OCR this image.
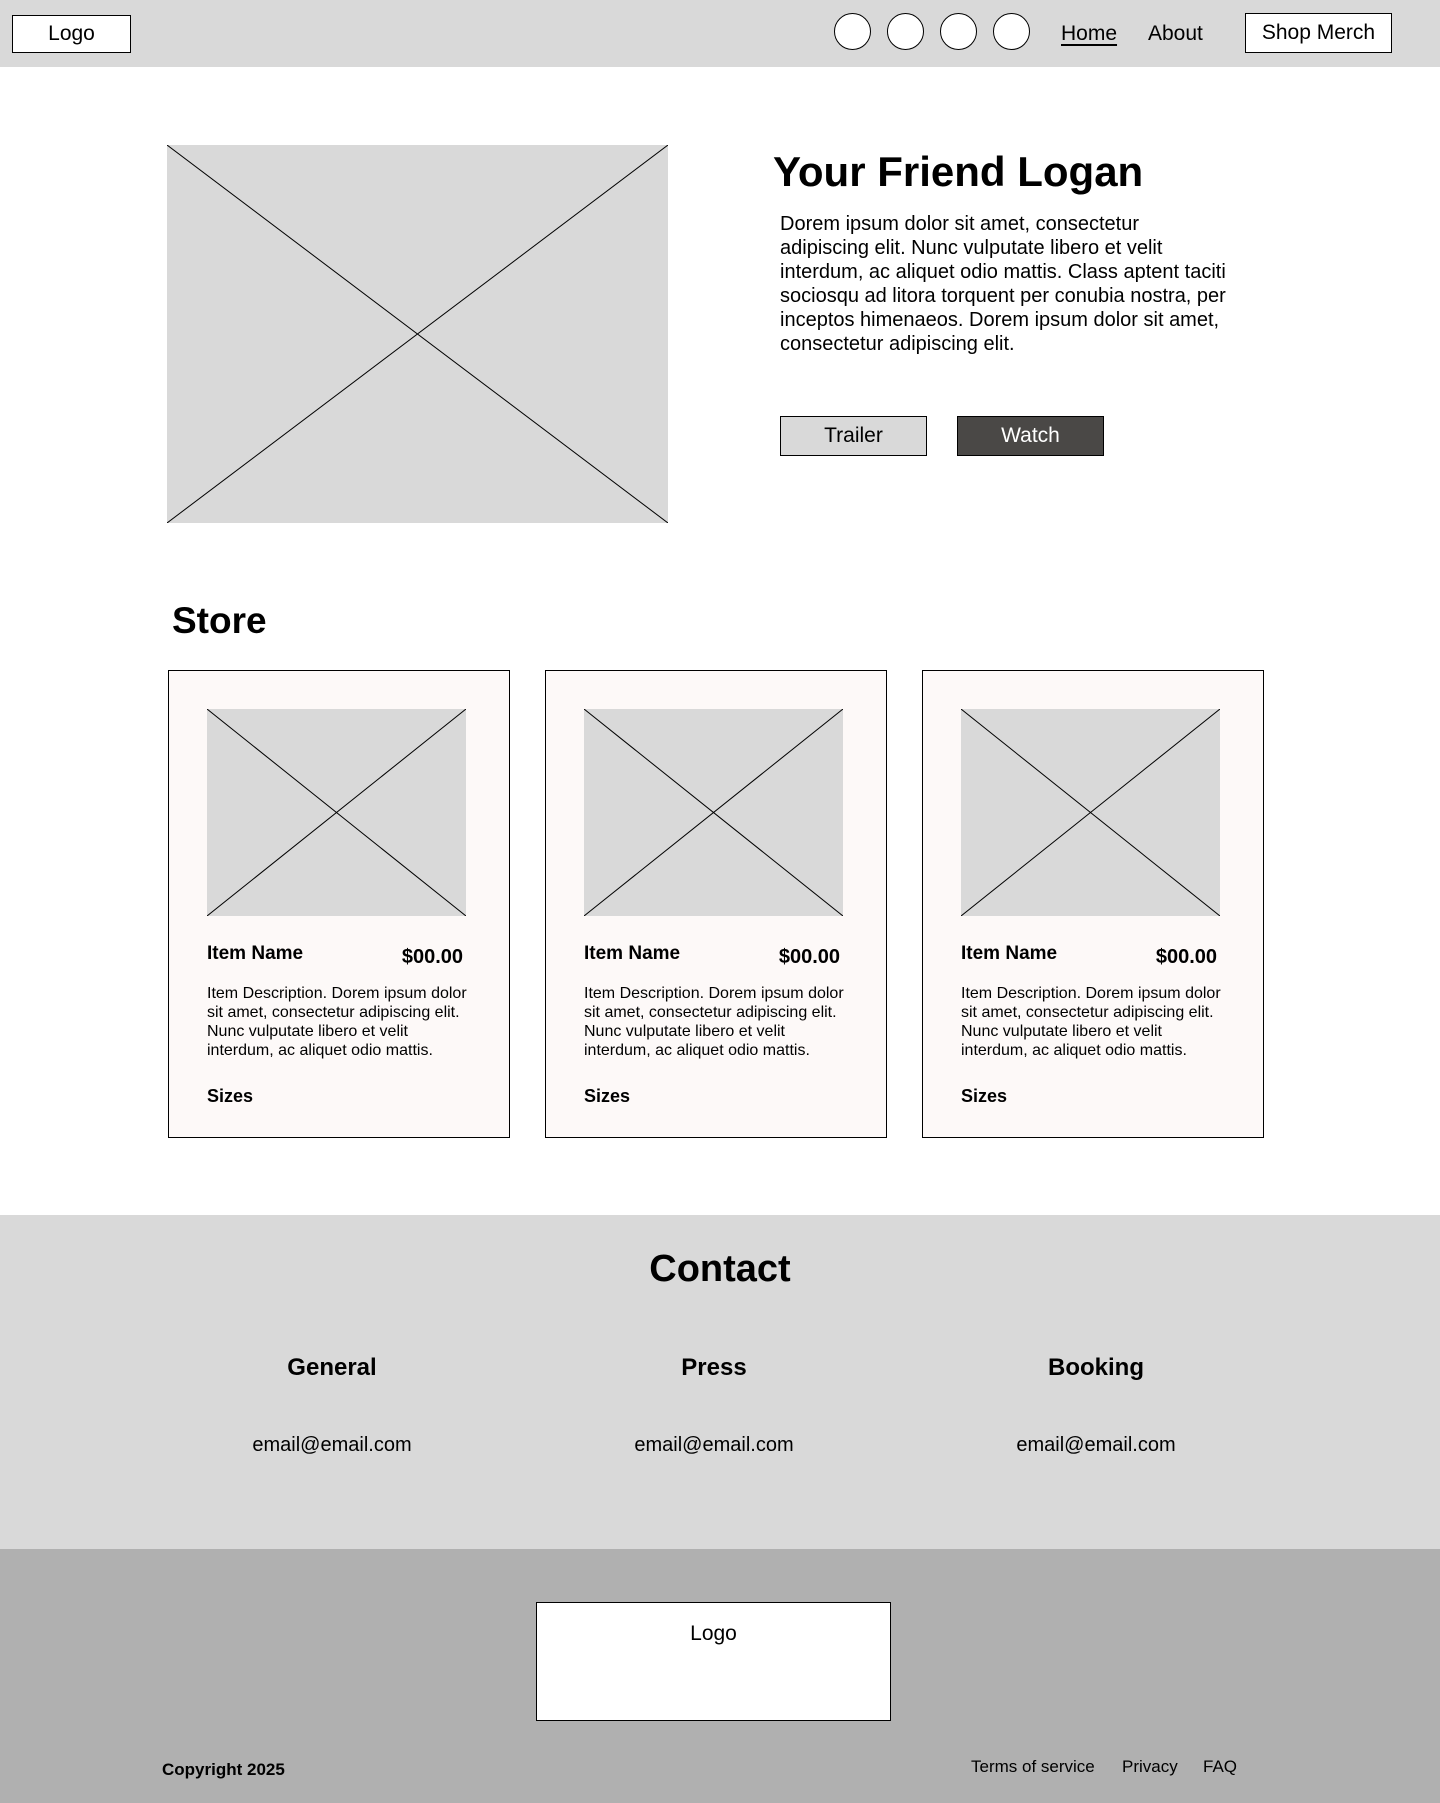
Logo	Home About	Shop Merch
Your Friend Logan
Dorem ipsum dolor sit amet, consectetur adipiscing elit. Nunc vulputate libero et velit interdum, ac aliquet odio mattis. Class aptent taciti sociosqu ad litora torquent per conubia nostra, per inceptos himenaeos. Dorem ipsum dolor sit amet, consectetur adipiscing elit.
Trailer	Watch
Store
Item Name	$00.00
Item Description. Dorem ipsum dolor sit amet, consectetur adipiscing elit. Nunc vulputate libero et velit interdum, ac aliquet odio mattis.
Sizes
Item Name	$00.00
Item Description. Dorem ipsum dolor sit amet, consectetur adipiscing elit. Nunc vulputate libero et velit interdum, ac aliquet odio mattis.
Sizes
Item Name	$00.00
Item Description. Dorem ipsum dolor sit amet, consectetur adipiscing elit. Nunc vulputate libero et velit interdum, ac aliquet odio mattis.
Sizes
Contact
General
email@email.com
Press
email@email.com
Booking
email@email.com
Logo
Copyright 2025	Terms of service Privacy FAQ
